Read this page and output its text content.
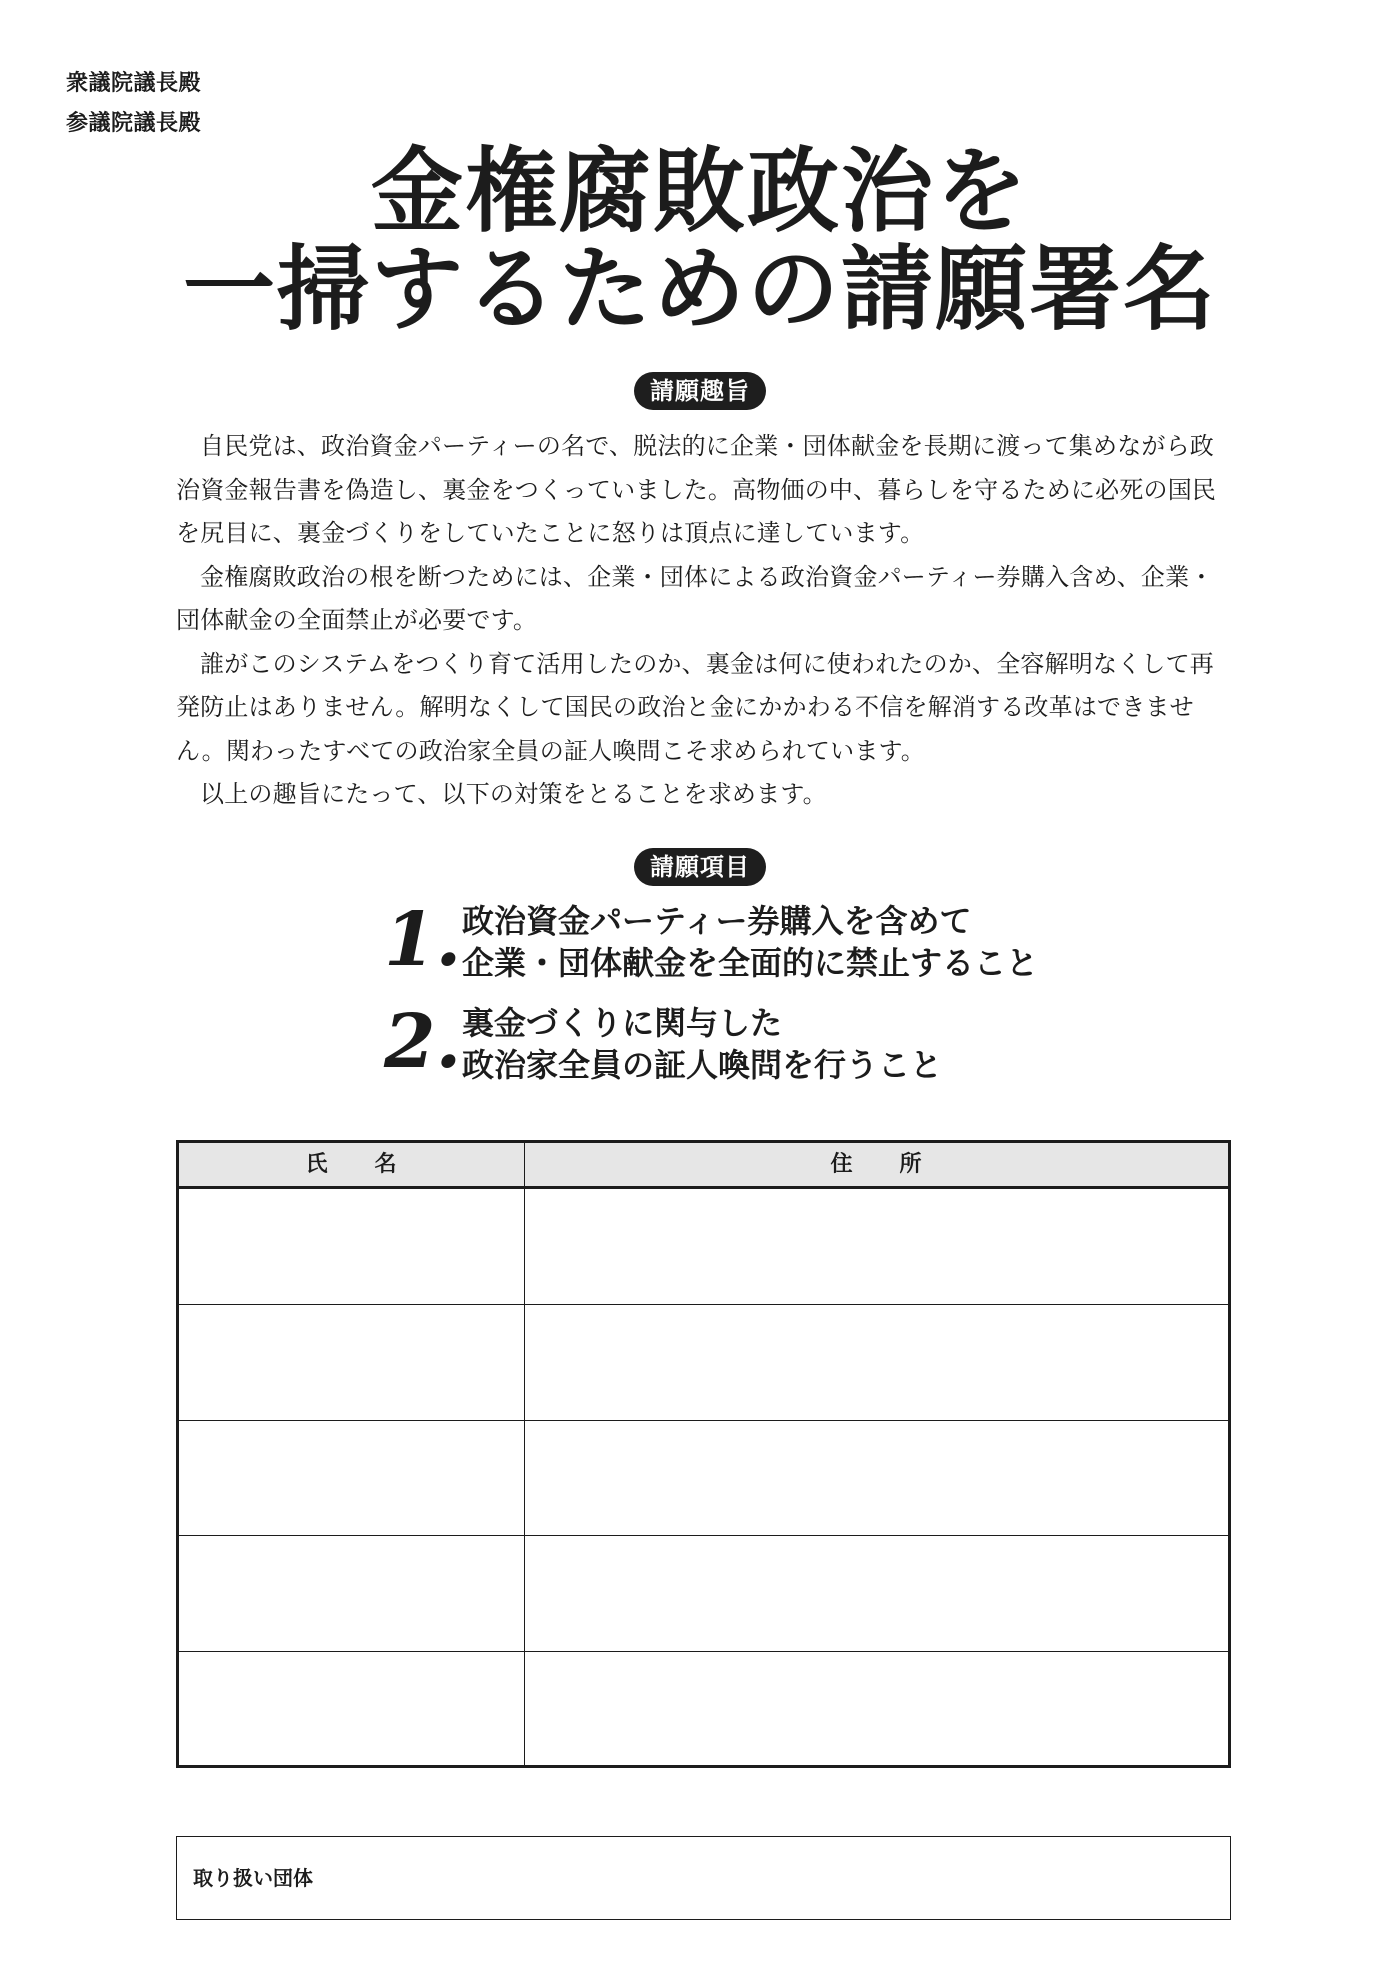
衆議院議長殿
参議院議長殿
金権腐敗政治を
一掃するための請願署名
請願趣旨

自民党は、政治資金パーティーの名で、脱法的に企業・団体献金を長期に渡って集めながら政治資金報告書を偽造し、裏金をつくっていました。高物価の中、暮らしを守るために必死の国民を尻目に、裏金づくりをしていたことに怒りは頂点に達しています。

金権腐敗政治の根を断つためには、企業・団体による政治資金パーティー券購入含め、企業・団体献金の全面禁止が必要です。

誰がこのシステムをつくり育て活用したのか、裏金は何に使われたのか、全容解明なくして再発防止はありません。解明なくして国民の政治と金にかかわる不信を解消する改革はできません。関わったすべての政治家全員の証人喚問こそ求められています。

以上の趣旨にたって、以下の対策をとることを求めます。

請願項目
1. 政治資金パーティー券購入を含めて
企業・団体献金を全面的に禁止すること
2. 裏金づくりに関与した
政治家全員の証人喚問を行うこと
氏　　名	住　　所
取り扱い団体
